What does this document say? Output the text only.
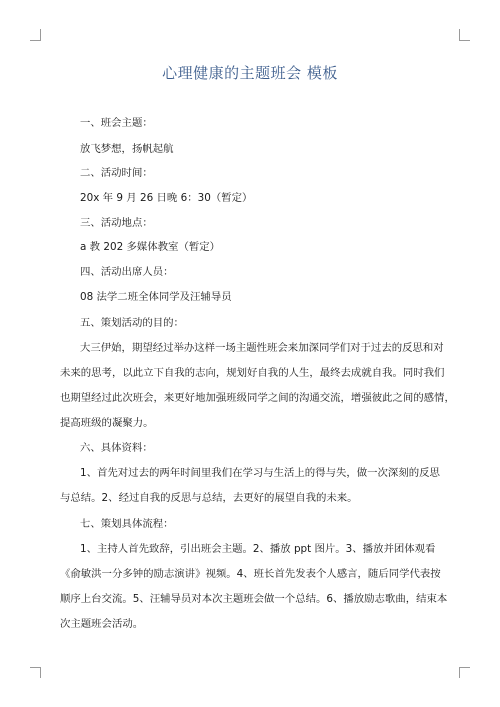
心理健康的主题班会 模板
一、班会主题：
放飞梦想，扬帆起航
二、活动时间：
20x 年 9 月 26 日晚 6：30（暂定）
三、活动地点：
a 教 202 多媒体教室（暂定）
四、活动出席人员：
08 法学二班全体同学及汪辅导员
五、策划活动的目的：
大三伊始，期望经过举办这样一场主题性班会来加深同学们对于过去的反思和对
未来的思考，以此立下自我的志向，规划好自我的人生，最终去成就自我。同时我们
也期望经过此次班会，来更好地加强班级同学之间的沟通交流，增强彼此之间的感情，
提高班级的凝聚力。
六、具体资料：
1、首先对过去的两年时间里我们在学习与生活上的得与失，做一次深刻的反思
与总结。2、经过自我的反思与总结，去更好的展望自我的未来。
七、策划具体流程：
1、主持人首先致辞，引出班会主题。2、播放 ppt 图片。3、播放并团体观看
《俞敏洪一分多钟的励志演讲》视频。4、班长首先发表个人感言，随后同学代表按
顺序上台交流。5、汪辅导员对本次主题班会做一个总结。6、播放励志歌曲，结束本
次主题班会活动。
